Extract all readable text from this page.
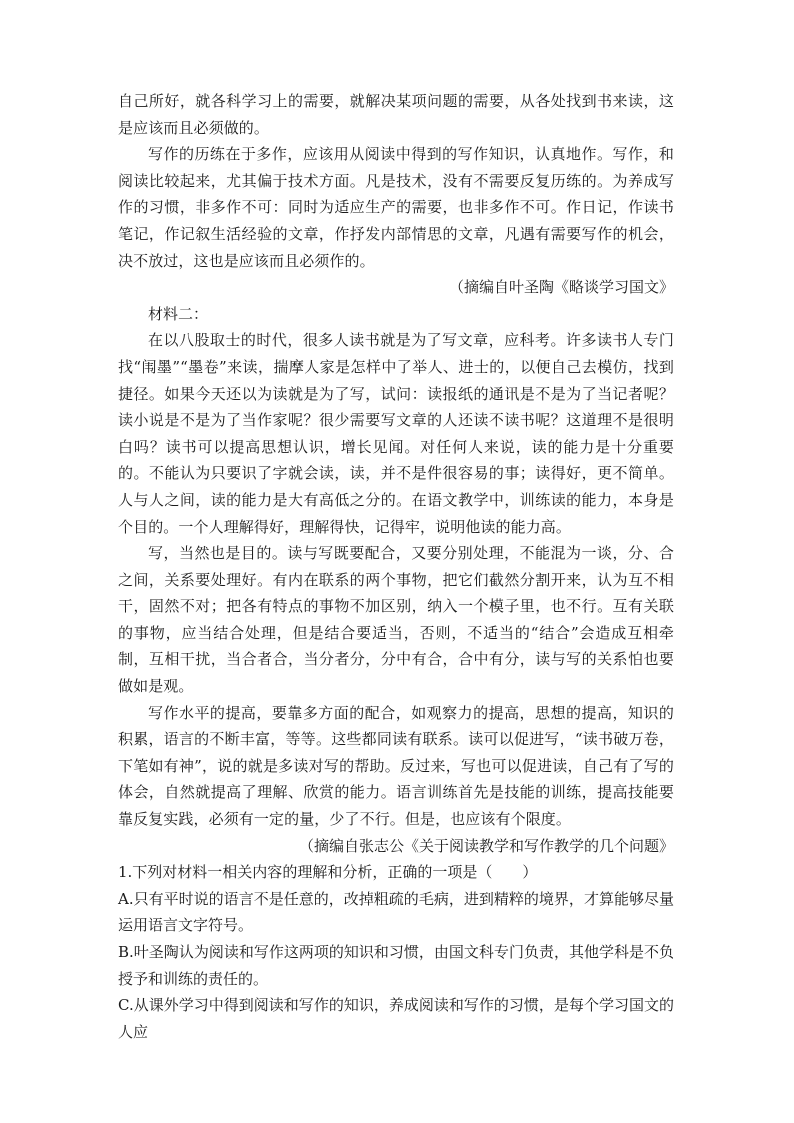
自己所好，就各科学习上的需要，就解决某项问题的需要，从各处找到书来读，这是应该而且必须做的。

写作的历练在于多作，应该用从阅读中得到的写作知识，认真地作。写作，和阅读比较起来，尤其偏于技术方面。凡是技术，没有不需要反复历练的。为养成写作的习惯，非多作不可：同时为适应生产的需要，也非多作不可。作日记，作读书笔记，作记叙生活经验的文章，作抒发内部情思的文章，凡遇有需要写作的机会，决不放过，这也是应该而且必须作的。

（摘编自叶圣陶《略谈学习国文》

材料二：

在以八股取士的时代，很多人读书就是为了写文章，应科考。许多读书人专门找“闱墨”“墨卷”来读，揣摩人家是怎样中了举人、进士的，以便自己去模仿，找到捷径。如果今天还以为读就是为了写，试问：读报纸的通讯是不是为了当记者呢？读小说是不是为了当作家呢？很少需要写文章的人还读不读书呢？这道理不是很明白吗？读书可以提高思想认识，增长见闻。对任何人来说，读的能力是十分重要的。不能认为只要识了字就会读，读，并不是件很容易的事；读得好，更不简单。人与人之间，读的能力是大有高低之分的。在语文教学中，训练读的能力，本身是个目的。一个人理解得好，理解得快，记得牢，说明他读的能力高。

写，当然也是目的。读与写既要配合，又要分别处理，不能混为一谈，分、合之间，关系要处理好。有内在联系的两个事物，把它们截然分割开来，认为互不相干，固然不对；把各有特点的事物不加区别，纳入一个模子里，也不行。互有关联的事物，应当结合处理，但是结合要适当，否则，不适当的“结合”会造成互相牵制，互相干扰，当合者合，当分者分，分中有合，合中有分，读与写的关系怕也要做如是观。

写作水平的提高，要靠多方面的配合，如观察力的提高，思想的提高，知识的积累，语言的不断丰富，等等。这些都同读有联系。读可以促进写，“读书破万卷，下笔如有神”，说的就是多读对写的帮助。反过来，写也可以促进读，自己有了写的体会，自然就提高了理解、欣赏的能力。语言训练首先是技能的训练，提高技能要靠反复实践，必须有一定的量，少了不行。但是，也应该有个限度。

（摘编自张志公《关于阅读教学和写作教学的几个问题》

1.下列对材料一相关内容的理解和分析，正确的一项是（　　）

A.只有平时说的语言不是任意的，改掉粗疏的毛病，进到精粹的境界，才算能够尽量运用语言文字符号。

B.叶圣陶认为阅读和写作这两项的知识和习惯，由国文科专门负责，其他学科是不负授予和训练的责任的。

C.从课外学习中得到阅读和写作的知识，养成阅读和写作的习惯，是每个学习国文的人应
